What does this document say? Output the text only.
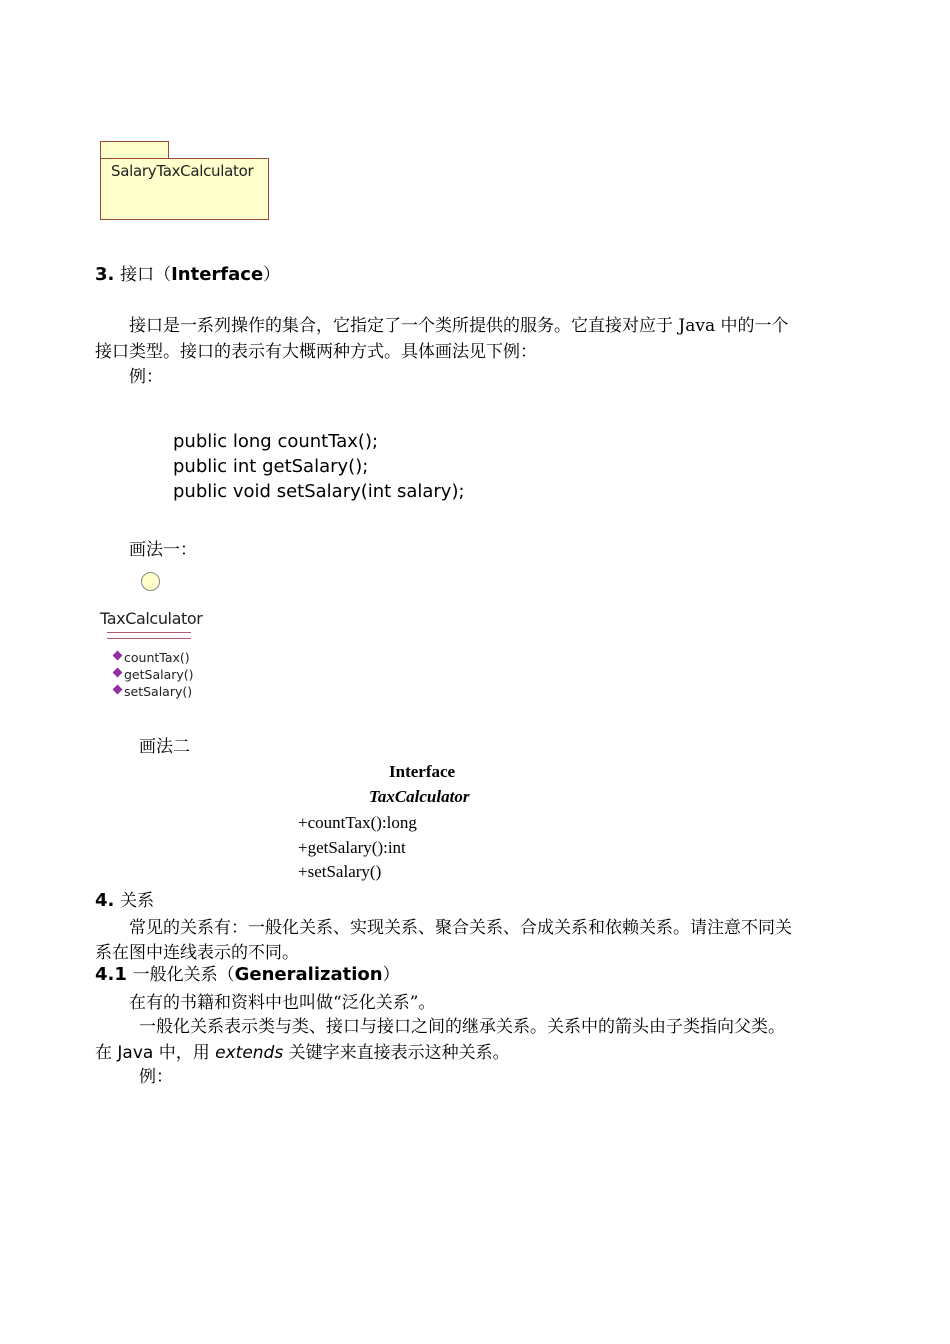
SalaryTaxCalculator
3. 接口（Interface）
接口是一系列操作的集合，它指定了一个类所提供的服务。它直接对应于 Java 中的一个
接口类型。接口的表示有大概两种方式。具体画法见下例：
例：
public long countTax();
public int getSalary();
public void setSalary(int salary);
画法一：
TaxCalculator
countTax()
getSalary()
setSalary()
画法二
Interface
TaxCalculator
+countTax():long
+getSalary():int
+setSalary()
4. 关系
常见的关系有：一般化关系、实现关系、聚合关系、合成关系和依赖关系。请注意不同关
系在图中连线表示的不同。
4.1 一般化关系（Generalization）
在有的书籍和资料中也叫做“泛化关系”。
一般化关系表示类与类、接口与接口之间的继承关系。关系中的箭头由子类指向父类。
在 Java 中，用 extends 关键字来直接表示这种关系。
例：
